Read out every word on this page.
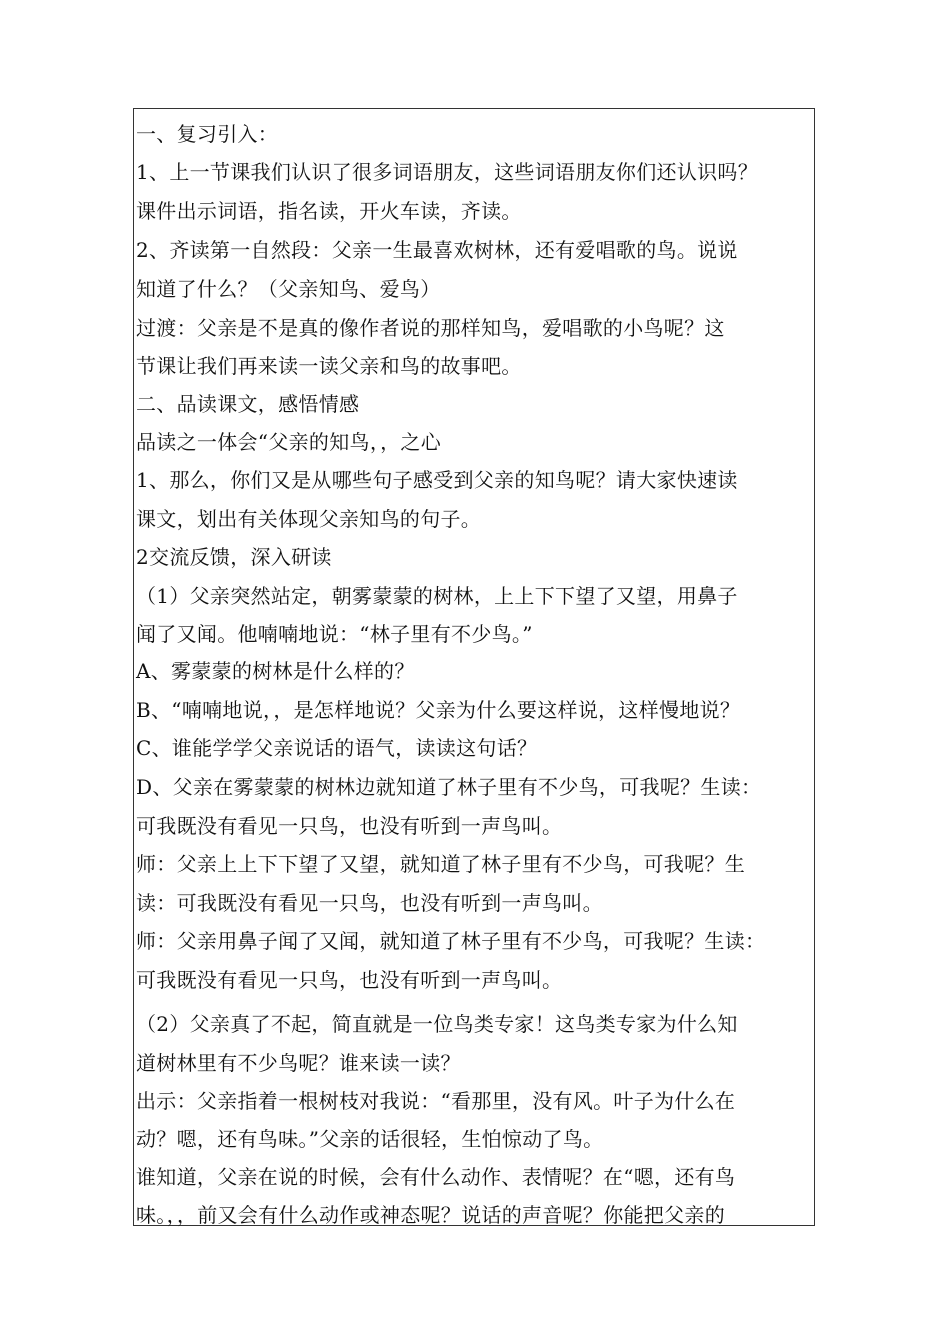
一、复习引入：
1、上一节课我们认识了很多词语朋友，这些词语朋友你们还认识吗？
课件出示词语，指名读，开火车读，齐读。
2、齐读第一自然段：父亲一生最喜欢树林，还有爱唱歌的鸟。说说
知道了什么？（父亲知鸟、爱鸟）
过渡：父亲是不是真的像作者说的那样知鸟，爱唱歌的小鸟呢？这
节课让我们再来读一读父亲和鸟的故事吧。
二、品读课文，感悟情感
品读之一体会“父亲的知鸟，，之心
1、那么，你们又是从哪些句子感受到父亲的知鸟呢？请大家快速读
课文，划出有关体现父亲知鸟的句子。
2交流反馈，深入研读
（1）父亲突然站定，朝雾蒙蒙的树林，上上下下望了又望，用鼻子
闻了又闻。他喃喃地说：“林子里有不少鸟。”
A、雾蒙蒙的树林是什么样的？
B、“喃喃地说，，是怎样地说？父亲为什么要这样说，这样慢地说？
C、谁能学学父亲说话的语气，读读这句话？
D、父亲在雾蒙蒙的树林边就知道了林子里有不少鸟，可我呢？生读：
可我既没有看见一只鸟，也没有听到一声鸟叫。
师：父亲上上下下望了又望，就知道了林子里有不少鸟，可我呢？生
读：可我既没有看见一只鸟，也没有听到一声鸟叫。
师：父亲用鼻子闻了又闻，就知道了林子里有不少鸟，可我呢？生读：
可我既没有看见一只鸟，也没有听到一声鸟叫。
（2）父亲真了不起，简直就是一位鸟类专家！这鸟类专家为什么知
道树林里有不少鸟呢？谁来读一读？
出示：父亲指着一根树枝对我说：“看那里，没有风。叶子为什么在
动？嗯，还有鸟味。”父亲的话很轻，生怕惊动了鸟。
谁知道，父亲在说的时候，会有什么动作、表情呢？在“嗯，还有鸟
味。，，前又会有什么动作或神态呢？说话的声音呢？你能把父亲的
